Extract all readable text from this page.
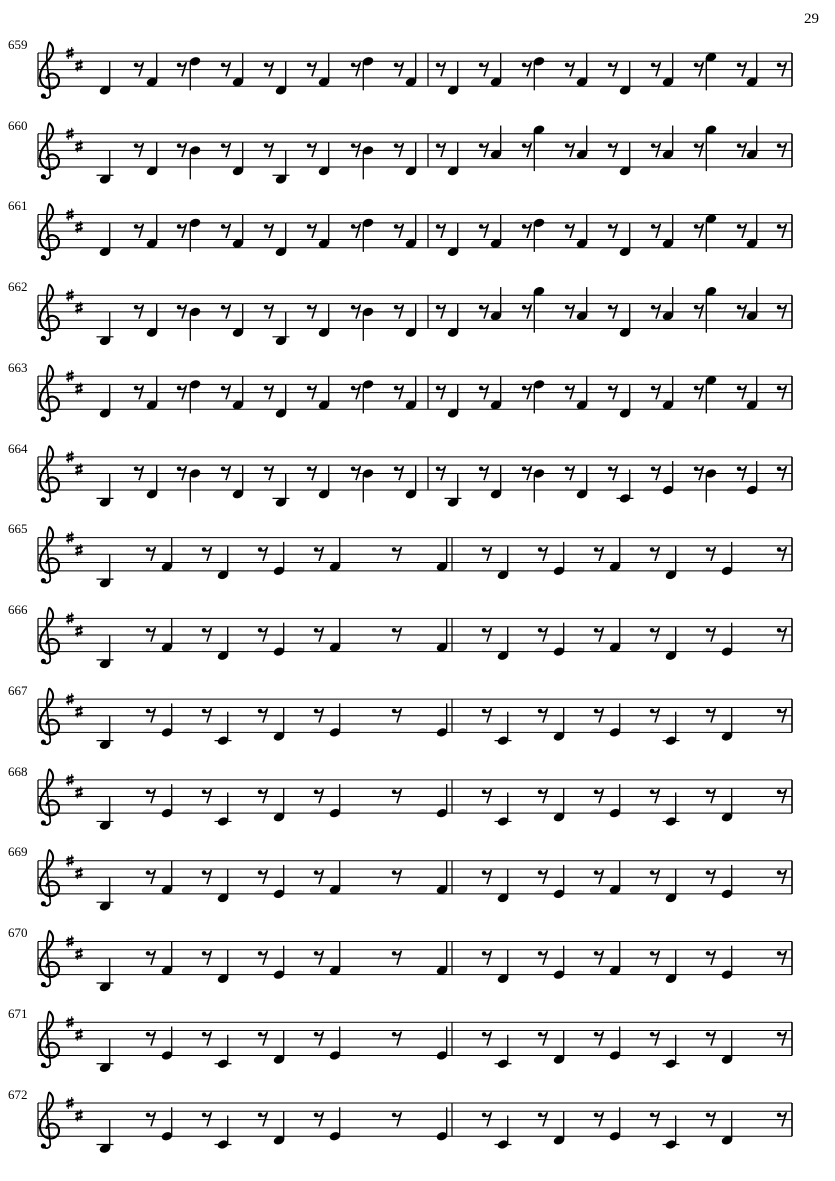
29
659
660
661
662
663
664
665
666
667
668
669
670
671
672
